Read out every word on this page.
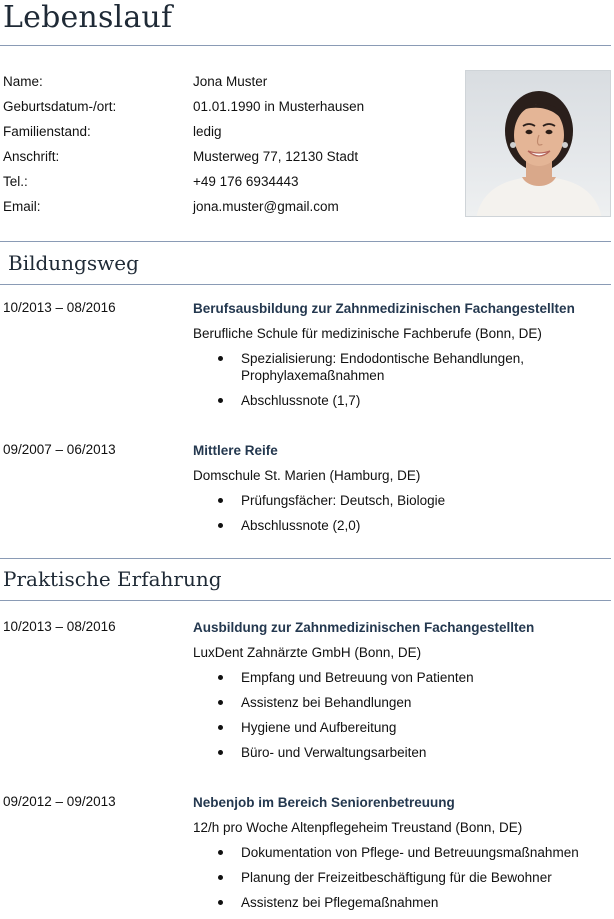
Lebenslauf
Name:	Jona Muster
Geburtsdatum-/ort:	01.01.1990 in Musterhausen
Familienstand:	ledig
Anschrift:	Musterweg 77, 12130 Stadt
Tel.:	+49 176 6934443
Email:	jona.muster@gmail.com
Bildungsweg
10/2013 – 08/2016	Berufsausbildung zur Zahnmedizinischen Fachangestellten
Berufliche Schule für medizinische Fachberufe (Bonn, DE)
Spezialisierung: Endodontische Behandlungen, Prophylaxemaßnahmen
Abschlussnote (1,7)
09/2007 – 06/2013	Mittlere Reife
Domschule St. Marien (Hamburg, DE)
Prüfungsfächer: Deutsch, Biologie
Abschlussnote (2,0)
Praktische Erfahrung
10/2013 – 08/2016	Ausbildung zur Zahnmedizinischen Fachangestellten
LuxDent Zahnärzte GmbH (Bonn, DE)
Empfang und Betreuung von Patienten
Assistenz bei Behandlungen
Hygiene und Aufbereitung
Büro- und Verwaltungsarbeiten
09/2012 – 09/2013	Nebenjob im Bereich Seniorenbetreuung
12/h pro Woche Altenpflegeheim Treustand (Bonn, DE)
Dokumentation von Pflege- und Betreuungsmaßnahmen
Planung der Freizeitbeschäftigung für die Bewohner
Assistenz bei Pflegemaßnahmen
